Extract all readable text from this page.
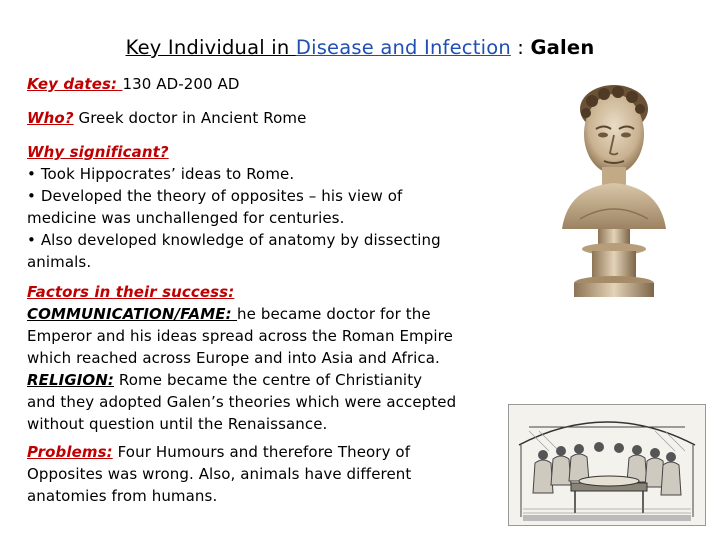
Key Individual in Disease and Infection : Galen
Key dates: 130 AD-200 AD
Who? Greek doctor in Ancient Rome
Why significant?
• Took Hippocrates’ ideas to Rome.
• Developed the theory of opposites – his view of
medicine was unchallenged for centuries.
• Also developed knowledge of anatomy by dissecting
animals.
Factors in their success:
COMMUNICATION/FAME: he became doctor for the
Emperor and his ideas spread across the Roman Empire
which reached across Europe and into Asia and Africa.
RELIGION: Rome became the centre of Christianity
and they adopted Galen’s theories which were accepted
without question until the Renaissance.
Problems: Four Humours and therefore Theory of
Opposites was wrong. Also, animals have different
anatomies from humans.
